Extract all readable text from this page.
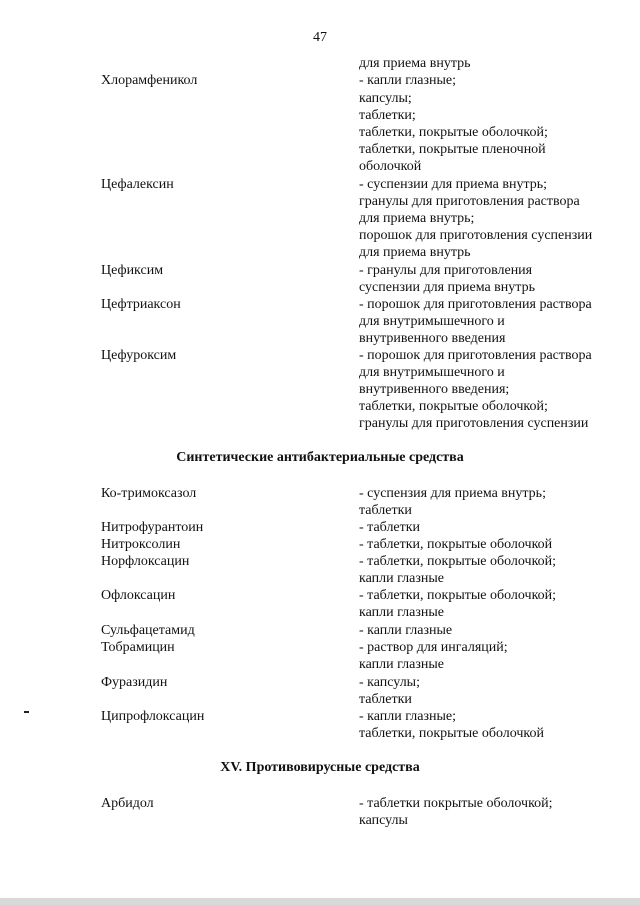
47
для приема внутрь
Хлорамфеникол	- капли глазные;
капсулы;
таблетки;
таблетки, покрытые оболочкой;
таблетки, покрытые пленочной
оболочкой
Цефалексин	- суспензии для приема внутрь;
гранулы для приготовления раствора
для приема внутрь;
порошок для приготовления суспензии
для приема внутрь
Цефиксим	- гранулы для приготовления
суспензии для приема внутрь
Цефтриаксон	- порошок для приготовления раствора
для внутримышечного и
внутривенного введения
Цефуроксим	- порошок для приготовления раствора
для внутримышечного и
внутривенного введения;
таблетки, покрытые оболочкой;
гранулы для приготовления суспензии
Синтетические антибактериальные средства
Ко-тримоксазол	- суспензия для приема внутрь;
таблетки
Нитрофурантоин	- таблетки
Нитроксолин	- таблетки, покрытые оболочкой
Норфлоксацин	- таблетки, покрытые оболочкой;
капли глазные
Офлоксацин	- таблетки, покрытые оболочкой;
капли глазные
Сульфацетамид	- капли глазные
Тобрамицин	- раствор для ингаляций;
капли глазные
Фуразидин	- капсулы;
таблетки
Ципрофлоксацин	- капли глазные;
таблетки, покрытые оболочкой
XV. Противовирусные средства
Арбидол	- таблетки покрытые оболочкой;
капсулы
